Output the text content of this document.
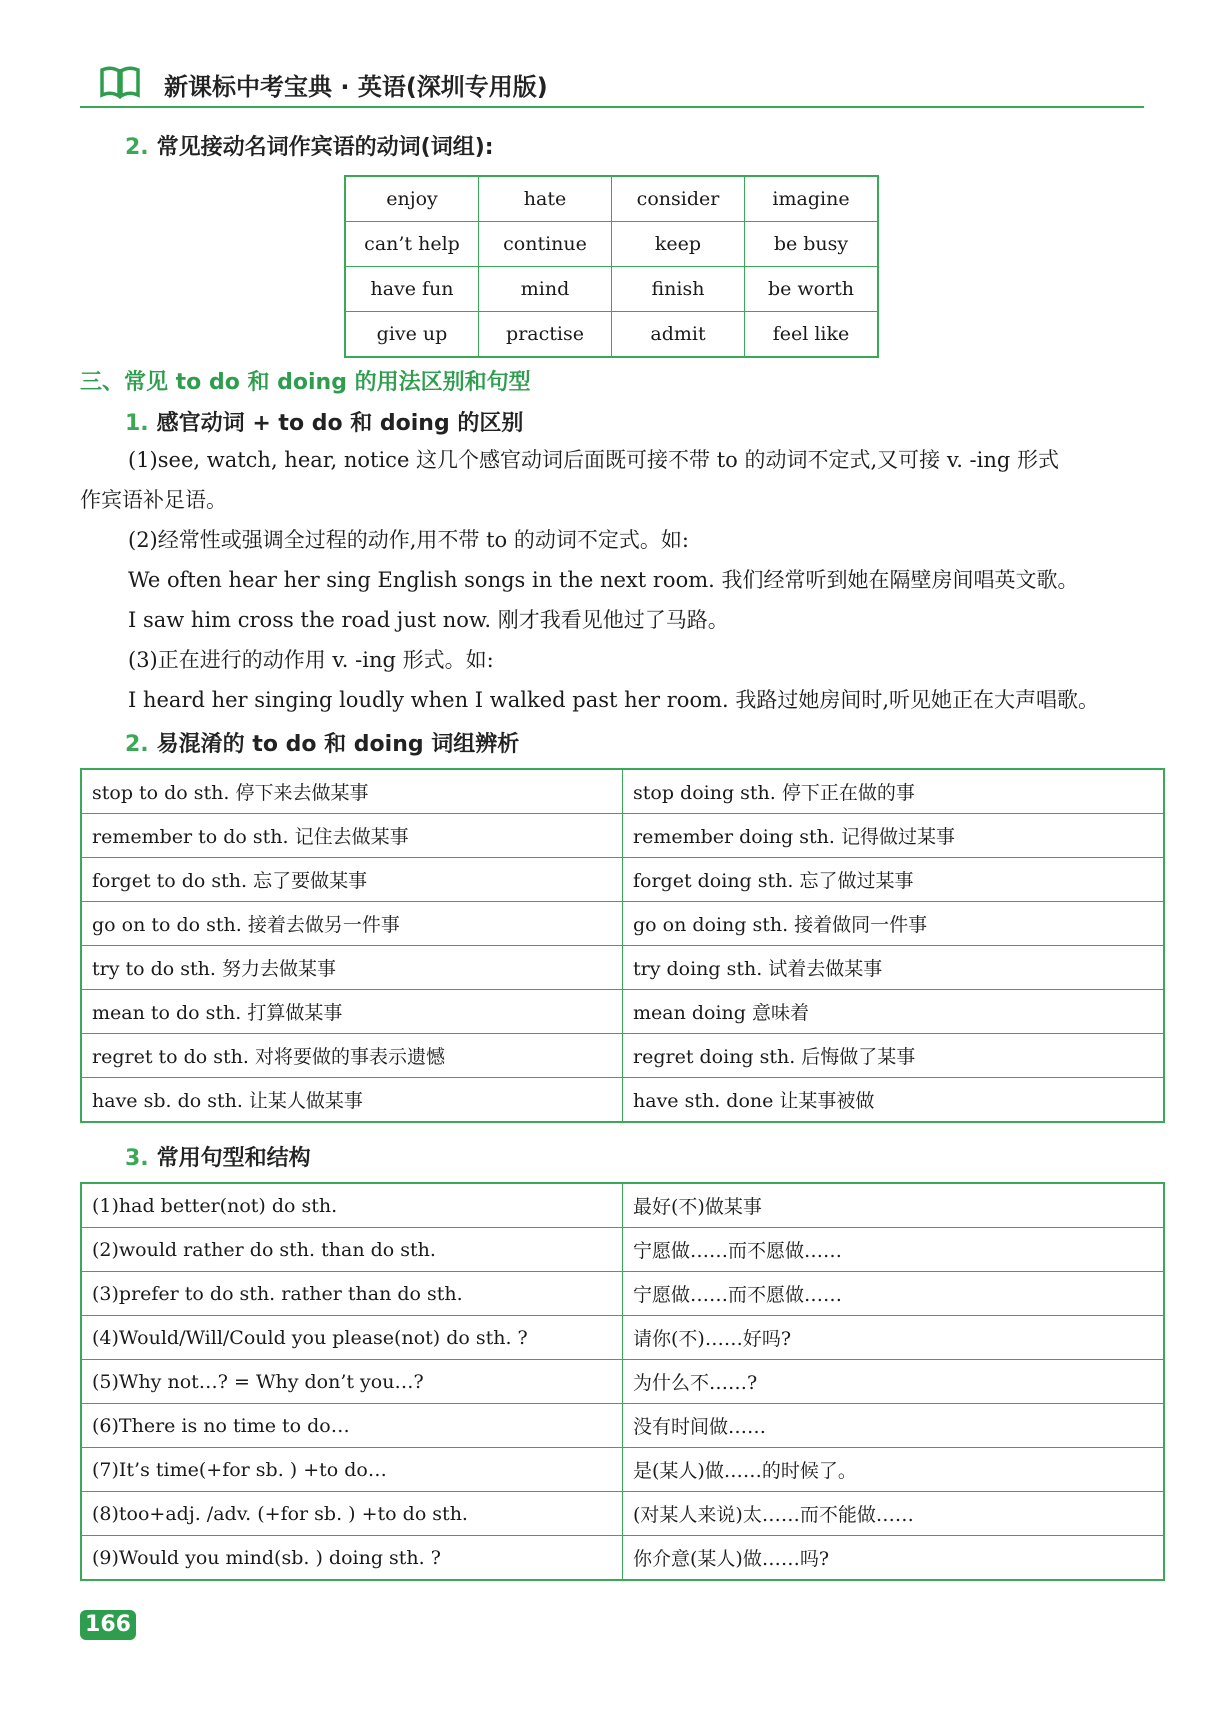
新课标中考宝典 · 英语(深圳专用版)
2. 常见接动名词作宾语的动词(词组):
enjoy	hate	consider	imagine
can’t help	continue	keep	be busy
have fun	mind	finish	be worth
give up	practise	admit	feel like
三、常见 to do 和 doing 的用法区别和句型
1. 感官动词 + to do 和 doing 的区别
(1)see, watch, hear, notice 这几个感官动词后面既可接不带 to 的动词不定式,又可接 v. -ing 形式
作宾语补足语。
(2)经常性或强调全过程的动作,用不带 to 的动词不定式。如:
We often hear her sing English songs in the next room. 我们经常听到她在隔壁房间唱英文歌。
I saw him cross the road just now. 刚才我看见他过了马路。
(3)正在进行的动作用 v. -ing 形式。如:
I heard her singing loudly when I walked past her room. 我路过她房间时,听见她正在大声唱歌。
2. 易混淆的 to do 和 doing 词组辨析
stop to do sth. 停下来去做某事	stop doing sth. 停下正在做的事
remember to do sth. 记住去做某事	remember doing sth. 记得做过某事
forget to do sth. 忘了要做某事	forget doing sth. 忘了做过某事
go on to do sth. 接着去做另一件事	go on doing sth. 接着做同一件事
try to do sth. 努力去做某事	try doing sth. 试着去做某事
mean to do sth. 打算做某事	mean doing 意味着
regret to do sth. 对将要做的事表示遗憾	regret doing sth. 后悔做了某事
have sb. do sth. 让某人做某事	have sth. done 让某事被做
3. 常用句型和结构
(1)had better(not) do sth.	最好(不)做某事
(2)would rather do sth. than do sth.	宁愿做……而不愿做……
(3)prefer to do sth. rather than do sth.	宁愿做……而不愿做……
(4)Would/Will/Could you please(not) do sth. ?	请你(不)……好吗?
(5)Why not…? = Why don’t you…?	为什么不……?
(6)There is no time to do…	没有时间做……
(7)It’s time(+for sb. ) +to do…	是(某人)做……的时候了。
(8)too+adj. /adv. (+for sb. ) +to do sth.	(对某人来说)太……而不能做……
(9)Would you mind(sb. ) doing sth. ?	你介意(某人)做……吗?
166
